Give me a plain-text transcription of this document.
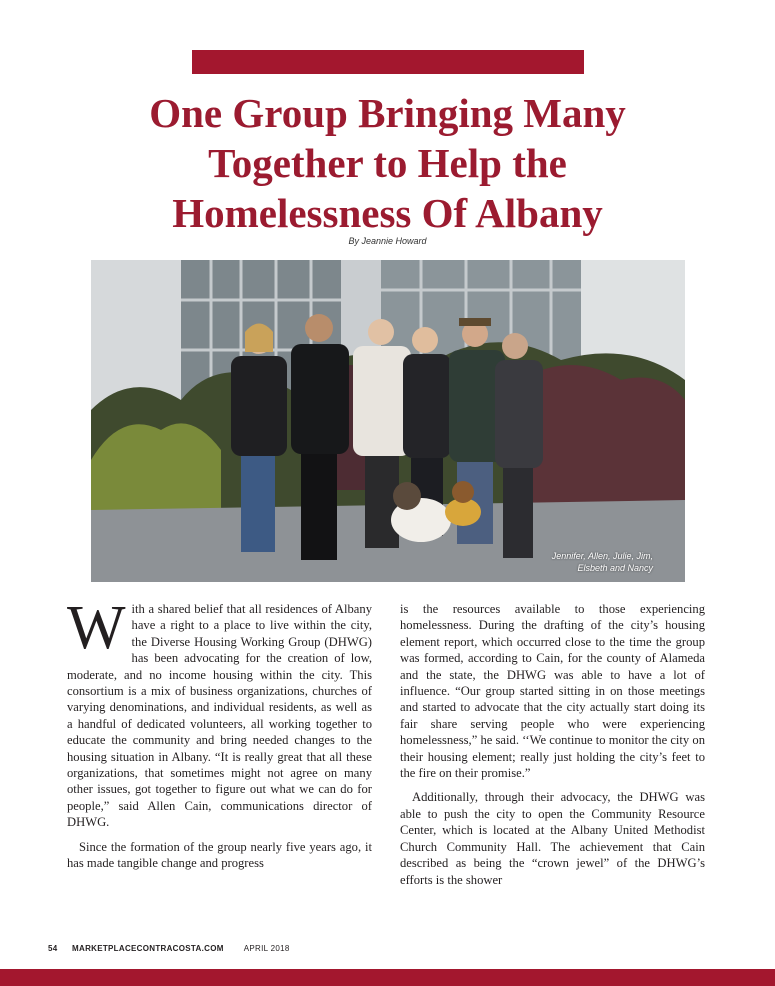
One Group Bringing Many
Together to Help the
Homelessness Of Albany
By Jeannie Howard
Jennifer, Allen, Julie, Jim,
Elsbeth and Nancy

With a shared belief that all residences of Albany have a right to a place to live within the city, the Diverse Housing Working Group (DHWG) has been advocating for the creation of low, moderate, and no income housing within the city. This consortium is a mix of business organizations, churches of varying denominations, and individual residents, as well as a handful of dedicated volunteers, all working together to educate the community and bring needed changes to the housing situation in Albany. “It is really great that all these organizations, that sometimes might not agree on many other issues, got together to figure out what we can do for people,” said Allen Cain, communications director of DHWG.

Since the formation of the group nearly five years ago, it has made tangible change and progress

is the resources available to those experiencing homelessness. During the drafting of the city’s housing element report, which occurred close to the time the group was formed, according to Cain, for the county of Alameda and the state, the DHWG was able to have a lot of influence. “Our group started sitting in on those meetings and started to advocate that the city actually start doing its fair share serving people who were experiencing homelessness,” he said. ‘‘We continue to monitor the city on their housing element; really just holding the city’s feet to the fire on their promise.”

Additionally, through their advocacy, the DHWG was able to push the city to open the Community Resource Center, which is located at the Albany United Methodist Church Community Hall. The achievement that Cain described as being the “crown jewel” of the DHWG’s efforts is the shower

54 MARKETPLACECONTRACOSTA.COM	APRIL 2018
